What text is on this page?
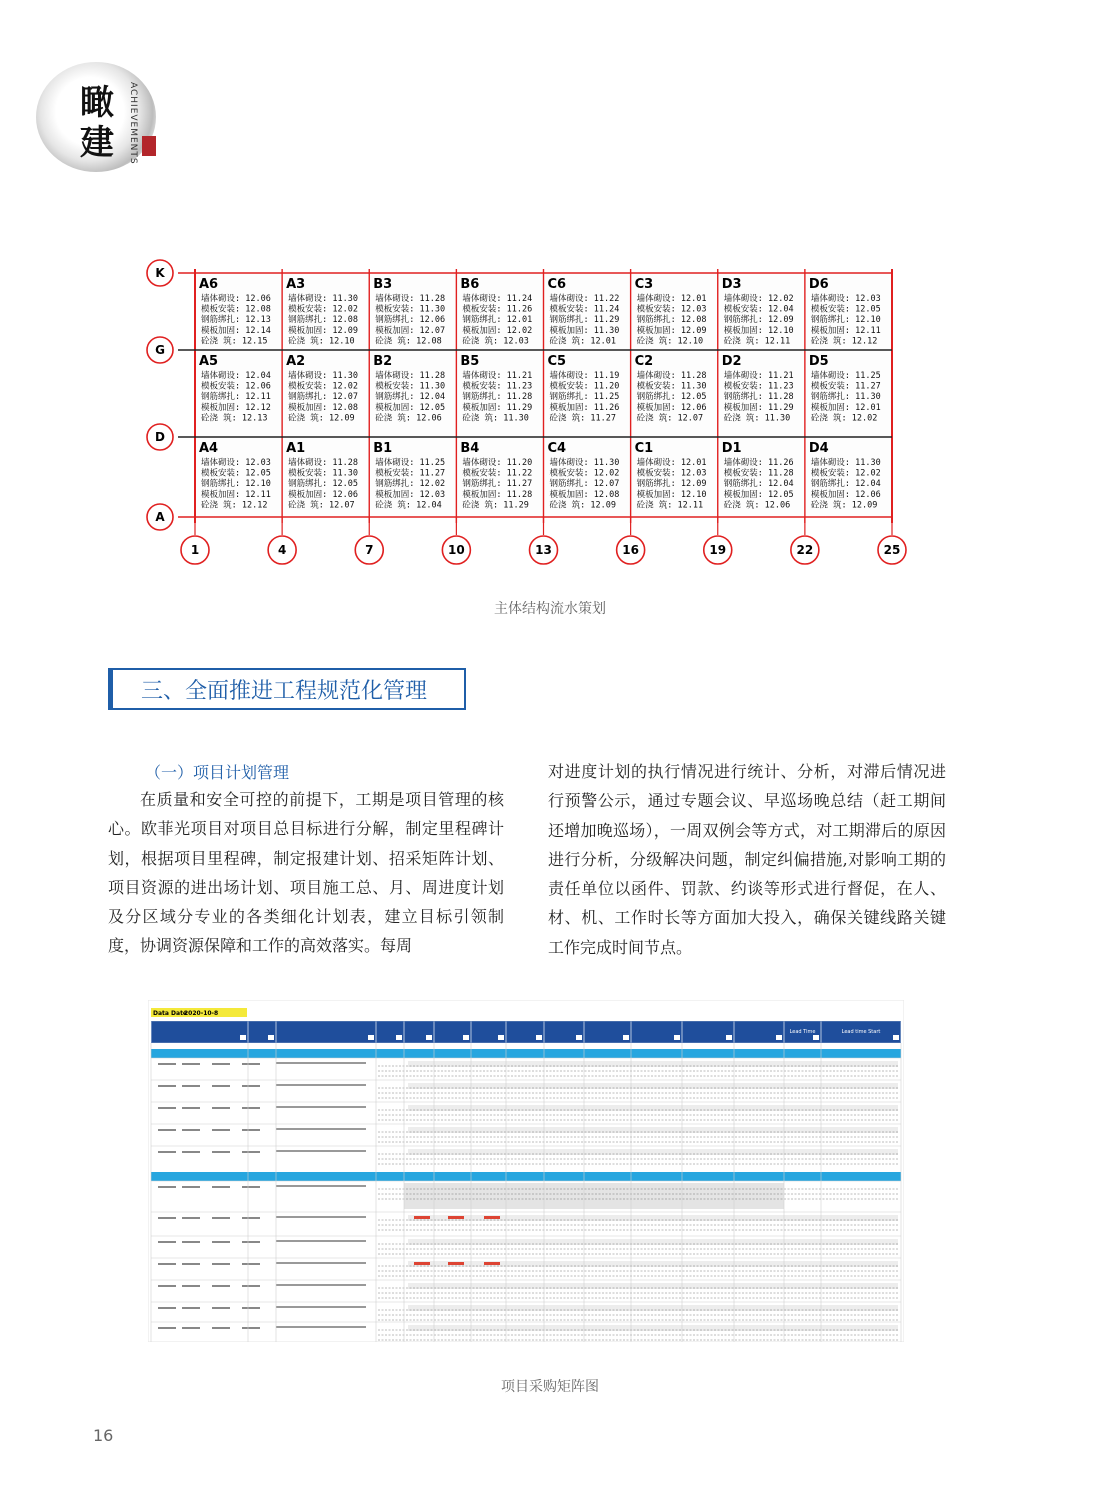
瞰
建 ACHIEVEMENTS
A6
墙体砌设: 12.06
模板安装: 12.08
钢筋绑扎: 12.13
模板加固: 12.14
砼浇 筑: 12.15
A3
墙体砌设: 11.30
模板安装: 12.02
钢筋绑扎: 12.08
模板加固: 12.09
砼浇 筑: 12.10
B3
墙体砌设: 11.28
模板安装: 11.30
钢筋绑扎: 12.06
模板加固: 12.07
砼浇 筑: 12.08
B6
墙体砌设: 11.24
模板安装: 11.26
钢筋绑扎: 12.01
模板加固: 12.02
砼浇 筑: 12.03
C6
墙体砌设: 11.22
模板安装: 11.24
钢筋绑扎: 11.29
模板加固: 11.30
砼浇 筑: 12.01
C3
墙体砌设: 12.01
模板安装: 12.03
钢筋绑扎: 12.08
模板加固: 12.09
砼浇 筑: 12.10
D3
墙体砌设: 12.02
模板安装: 12.04
钢筋绑扎: 12.09
模板加固: 12.10
砼浇 筑: 12.11
D6
墙体砌设: 12.03
模板安装: 12.05
钢筋绑扎: 12.10
模板加固: 12.11
砼浇 筑: 12.12
A5
墙体砌设: 12.04
模板安装: 12.06
钢筋绑扎: 12.11
模板加固: 12.12
砼浇 筑: 12.13
A2
墙体砌设: 11.30
模板安装: 12.02
钢筋绑扎: 12.07
模板加固: 12.08
砼浇 筑: 12.09
B2
墙体砌设: 11.28
模板安装: 11.30
钢筋绑扎: 12.04
模板加固: 12.05
砼浇 筑: 12.06
B5
墙体砌设: 11.21
模板安装: 11.23
钢筋绑扎: 11.28
模板加固: 11.29
砼浇 筑: 11.30
C5
墙体砌设: 11.19
模板安装: 11.20
钢筋绑扎: 11.25
模板加固: 11.26
砼浇 筑: 11.27
C2
墙体砌设: 11.28
模板安装: 11.30
钢筋绑扎: 12.05
模板加固: 12.06
砼浇 筑: 12.07
D2
墙体砌设: 11.21
模板安装: 11.23
钢筋绑扎: 11.28
模板加固: 11.29
砼浇 筑: 11.30
D5
墙体砌设: 11.25
模板安装: 11.27
钢筋绑扎: 11.30
模板加固: 12.01
砼浇 筑: 12.02
A4
墙体砌设: 12.03
模板安装: 12.05
钢筋绑扎: 12.10
模板加固: 12.11
砼浇 筑: 12.12
A1
墙体砌设: 11.28
模板安装: 11.30
钢筋绑扎: 12.05
模板加固: 12.06
砼浇 筑: 12.07
B1
墙体砌设: 11.25
模板安装: 11.27
钢筋绑扎: 12.02
模板加固: 12.03
砼浇 筑: 12.04
B4
墙体砌设: 11.20
模板安装: 11.22
钢筋绑扎: 11.27
模板加固: 11.28
砼浇 筑: 11.29
C4
墙体砌设: 11.30
模板安装: 12.02
钢筋绑扎: 12.07
模板加固: 12.08
砼浇 筑: 12.09
C1
墙体砌设: 12.01
模板安装: 12.03
钢筋绑扎: 12.09
模板加固: 12.10
砼浇 筑: 12.11
D1
墙体砌设: 11.26
模板安装: 11.28
钢筋绑扎: 12.04
模板加固: 12.05
砼浇 筑: 12.06
D4
墙体砌设: 11.30
模板安装: 12.02
钢筋绑扎: 12.04
模板加固: 12.06
砼浇 筑: 12.09
K
G
D
A
1	4	7	10	13	16	19	22	25
主体结构流水策划
三、全面推进工程规范化管理
（一）项目计划管理
在质量和安全可控的前提下，工期是项目管理的核心。欧菲光项目对项目总目标进行分解，制定里程碑计划，根据项目里程碑，制定报建计划、招采矩阵计划、项目资源的进出场计划、项目施工总、月、周进度计划及分区域分专业的各类细化计划表，建立目标引领制度，协调资源保障和工作的高效落实。每周
对进度计划的执行情况进行统计、分析，对滞后情况进行预警公示，通过专题会议、早巡场晚总结（赶工期间还增加晚巡场），一周双例会等方式，对工期滞后的原因进行分析，分级解决问题，制定纠偏措施,对影响工期的责任单位以函件、罚款、约谈等形式进行督促，在人、材、机、工作时长等方面加大投入，确保关键线路关键工作完成时间节点。
Data Date
2020-10-8
Lead Time	Lead time Start
项目采购矩阵图
16
